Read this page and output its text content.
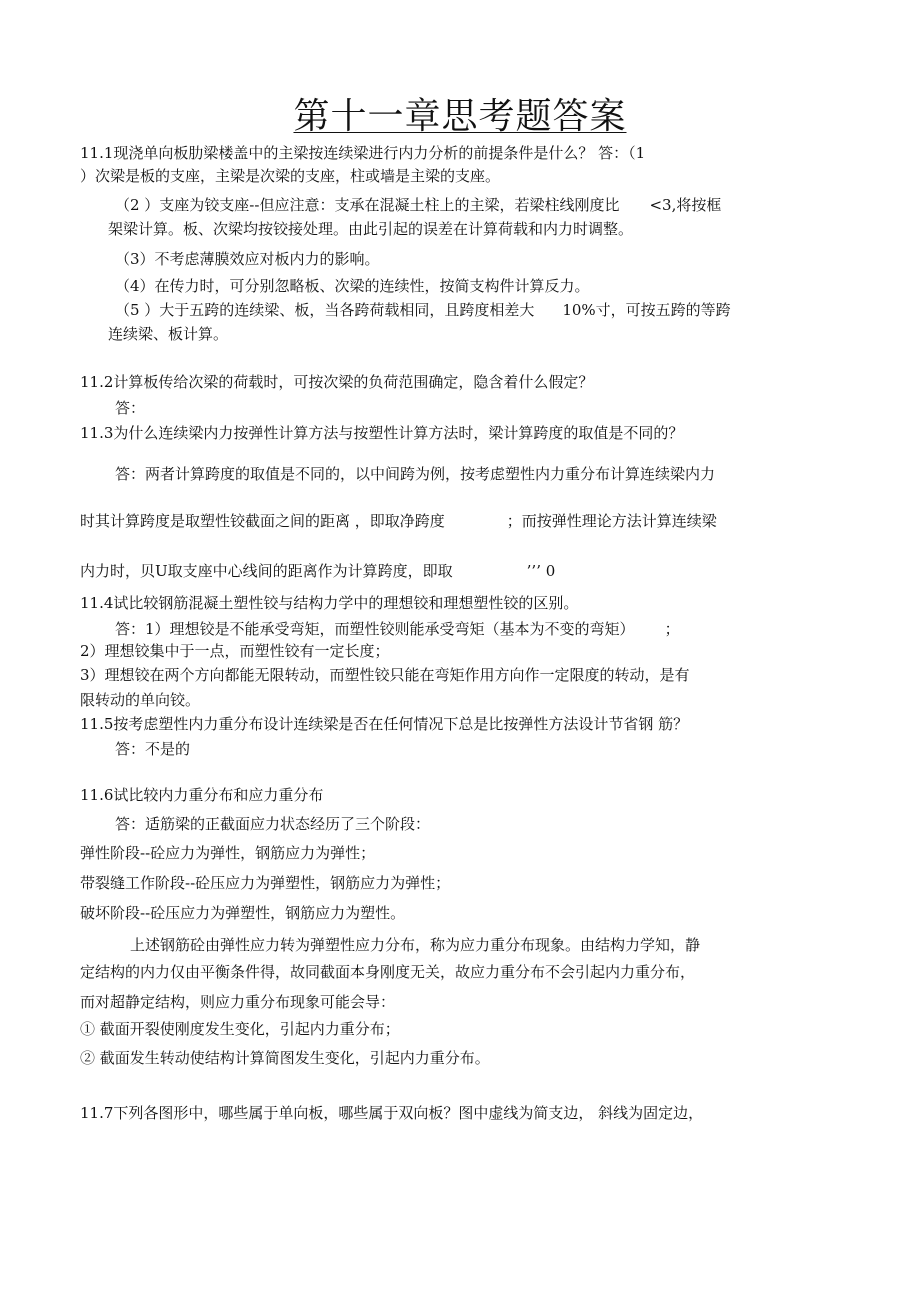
第十一章思考题答案
11.1现浇单向板肋梁楼盖中的主梁按连续梁进行内力分析的前提条件是什么？ 答：（1
）次梁是板的支座，主梁是次梁的支座，柱或墙是主梁的支座。
（2 ）支座为铰支座--但应注意：支承在混凝土柱上的主梁，若梁柱线刚度比 <3,将按框
架梁计算。板、次梁均按铰接处理。由此引起的误差在计算荷载和内力时调整。
（3）不考虑薄膜效应对板内力的影响。
（4）在传力时，可分别忽略板、次梁的连续性，按简支构件计算反力。
（5 ）大于五跨的连续梁、板，当各跨荷载相同，且跨度相差大 10%寸，可按五跨的等跨
连续梁、板计算。
11.2计算板传给次梁的荷载时，可按次梁的负荷范围确定，隐含着什么假定？
答：
11.3为什么连续梁内力按弹性计算方法与按塑性计算方法时，梁计算跨度的取值是不同的？
答：两者计算跨度的取值是不同的，以中间跨为例，按考虑塑性内力重分布计算连续梁内力
时其计算跨度是取塑性铰截面之间的距离 ，即取净跨度	；而按弹性理论方法计算连续梁
内力时，贝U取支座中心线间的距离作为计算跨度，即取	’’’ 0
11.4试比较钢筋混凝土塑性铰与结构力学中的理想铰和理想塑性铰的区别。
答：1）理想铰是不能承受弯矩，而塑性铰则能承受弯矩（基本为不变的弯矩） ；
2）理想铰集中于一点，而塑性铰有一定长度；
3）理想铰在两个方向都能无限转动，而塑性铰只能在弯矩作用方向作一定限度的转动，是有
限转动的单向铰。
11.5按考虑塑性内力重分布设计连续梁是否在任何情况下总是比按弹性方法设计节省钢 筋？
答：不是的
11.6试比较内力重分布和应力重分布
答：适筋梁的正截面应力状态经历了三个阶段：
弹性阶段--砼应力为弹性，钢筋应力为弹性；
带裂缝工作阶段--砼压应力为弹塑性，钢筋应力为弹性；
破坏阶段--砼压应力为弹塑性，钢筋应力为塑性。
上述钢筋砼由弹性应力转为弹塑性应力分布，称为应力重分布现象。由结构力学知，静
定结构的内力仅由平衡条件得，故同截面本身刚度无关，故应力重分布不会引起内力重分布，
而对超静定结构，则应力重分布现象可能会导：
① 截面开裂使刚度发生变化，引起内力重分布；
② 截面发生转动使结构计算简图发生变化，引起内力重分布。
11.7下列各图形中，哪些属于单向板，哪些属于双向板？图中虚线为简支边， 斜线为固定边，
